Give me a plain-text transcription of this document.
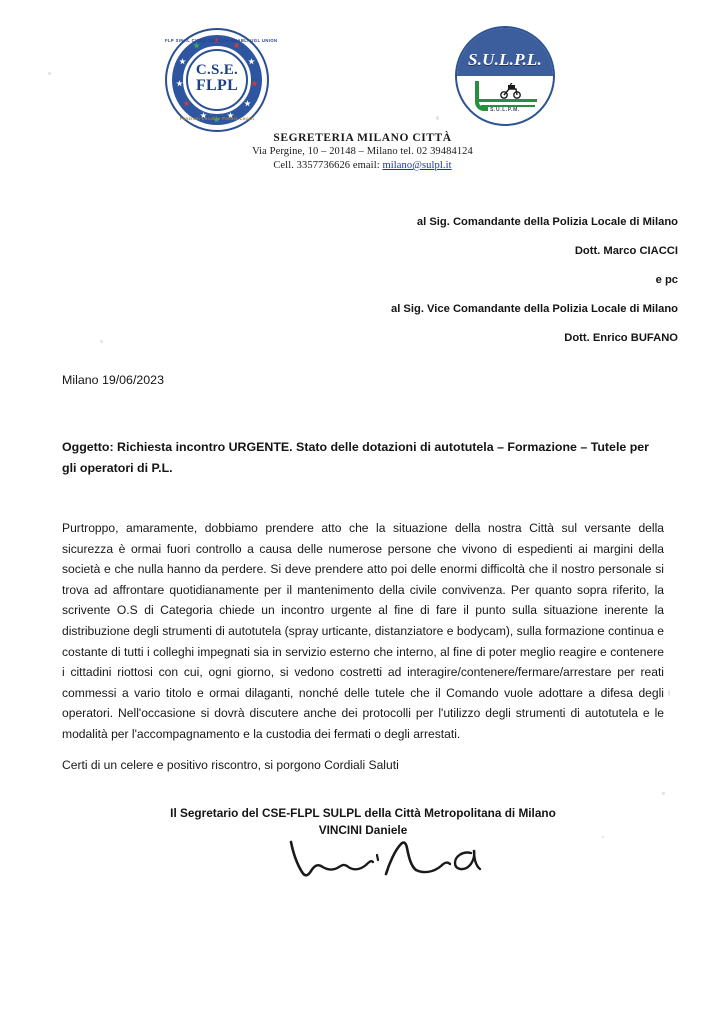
FLP SINAL CISAS SINALCA SNABLI UGL UNION
C.S.E.
FLPL
Funzioni Locali e Polizia Locali
S.U.L.P.L.
S.U.L.P.M.
SEGRETERIA MILANO CITTÀ
Via Pergine, 10 – 20148 – Milano tel. 02 39484124
Cell. 3357736626 email: milano@sulpl.it
al Sig. Comandante della Polizia Locale di Milano
Dott. Marco CIACCI
e pc
al Sig. Vice Comandante della Polizia Locale di Milano
Dott. Enrico BUFANO
Milano 19/06/2023
Oggetto: Richiesta incontro URGENTE. Stato delle dotazioni di autotutela – Formazione – Tutele per gli operatori di P.L.
Purtroppo, amaramente, dobbiamo prendere atto che la situazione della nostra Città sul versante della sicurezza è ormai fuori controllo a causa delle numerose persone che vivono di espedienti ai margini della società e che nulla hanno da perdere. Si deve prendere atto poi delle enormi difficoltà che il nostro personale si trova ad affrontare quotidianamente per il mantenimento della civile convivenza. Per quanto sopra riferito, la scrivente O.S di Categoria chiede un incontro urgente al fine di fare il punto sulla situazione inerente la distribuzione degli strumenti di autotutela (spray urticante, distanziatore e bodycam), sulla formazione continua e costante di tutti i colleghi impegnati sia in servizio esterno che interno, al fine di poter meglio reagire e contenere i cittadini riottosi con cui, ogni giorno, si vedono costretti ad interagire/contenere/fermare/arrestare per reati commessi a vario titolo e ormai dilaganti, nonché delle tutele che il Comando vuole adottare a difesa degli operatori. Nell'occasione si dovrà discutere anche dei protocolli per l'utilizzo degli strumenti di autotutela e le modalità per l'accompagnamento e la custodia dei fermati o degli arrestati.
Certi di un celere e positivo riscontro, si porgono Cordiali Saluti
Il Segretario del CSE-FLPL SULPL della Città Metropolitana di Milano
VINCINI Daniele
